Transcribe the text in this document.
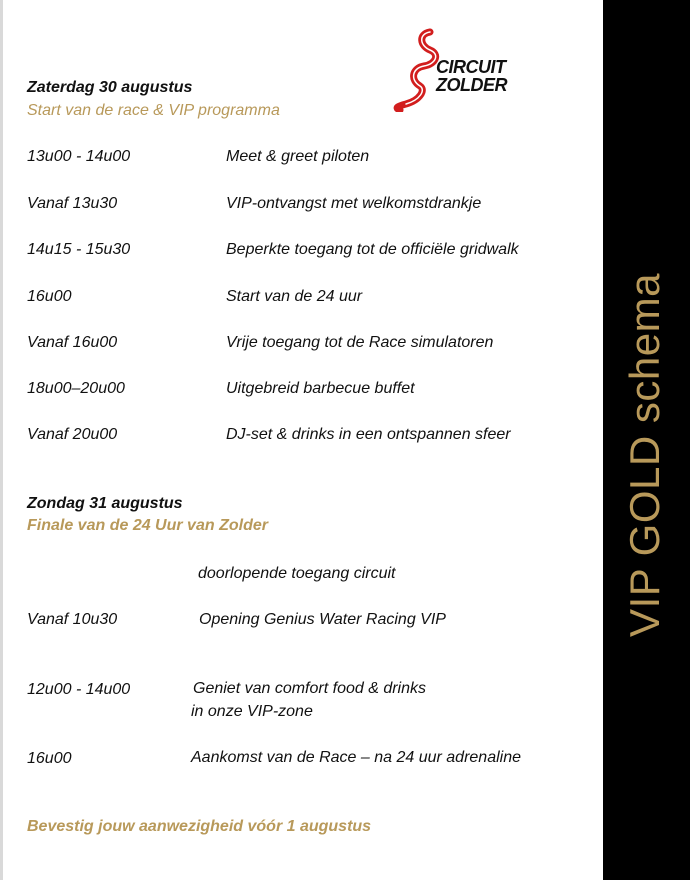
CIRCUIT
ZOLDER
Zaterdag 30 augustus
Start van de race & VIP programma
13u00 - 14u00	Meet & greet piloten
Vanaf 13u30	VIP-ontvangst met welkomstdrankje
14u15 - 15u30	Beperkte toegang tot de officiële gridwalk
16u00	Start van de 24 uur
Vanaf 16u00	Vrije toegang tot de Race simulatoren
18u00–20u00	Uitgebreid barbecue buffet
Vanaf 20u00	DJ-set & drinks in een ontspannen sfeer
Zondag 31 augustus
Finale van de 24 Uur van Zolder
doorlopende toegang circuit
Vanaf 10u30	Opening Genius Water Racing VIP
12u00 - 14u00	Geniet van comfort food & drinks
in onze VIP-zone
16u00	Aankomst van de Race – na 24 uur adrenaline
Bevestig jouw aanwezigheid vóór 1 augustus
VIP GOLD schema
